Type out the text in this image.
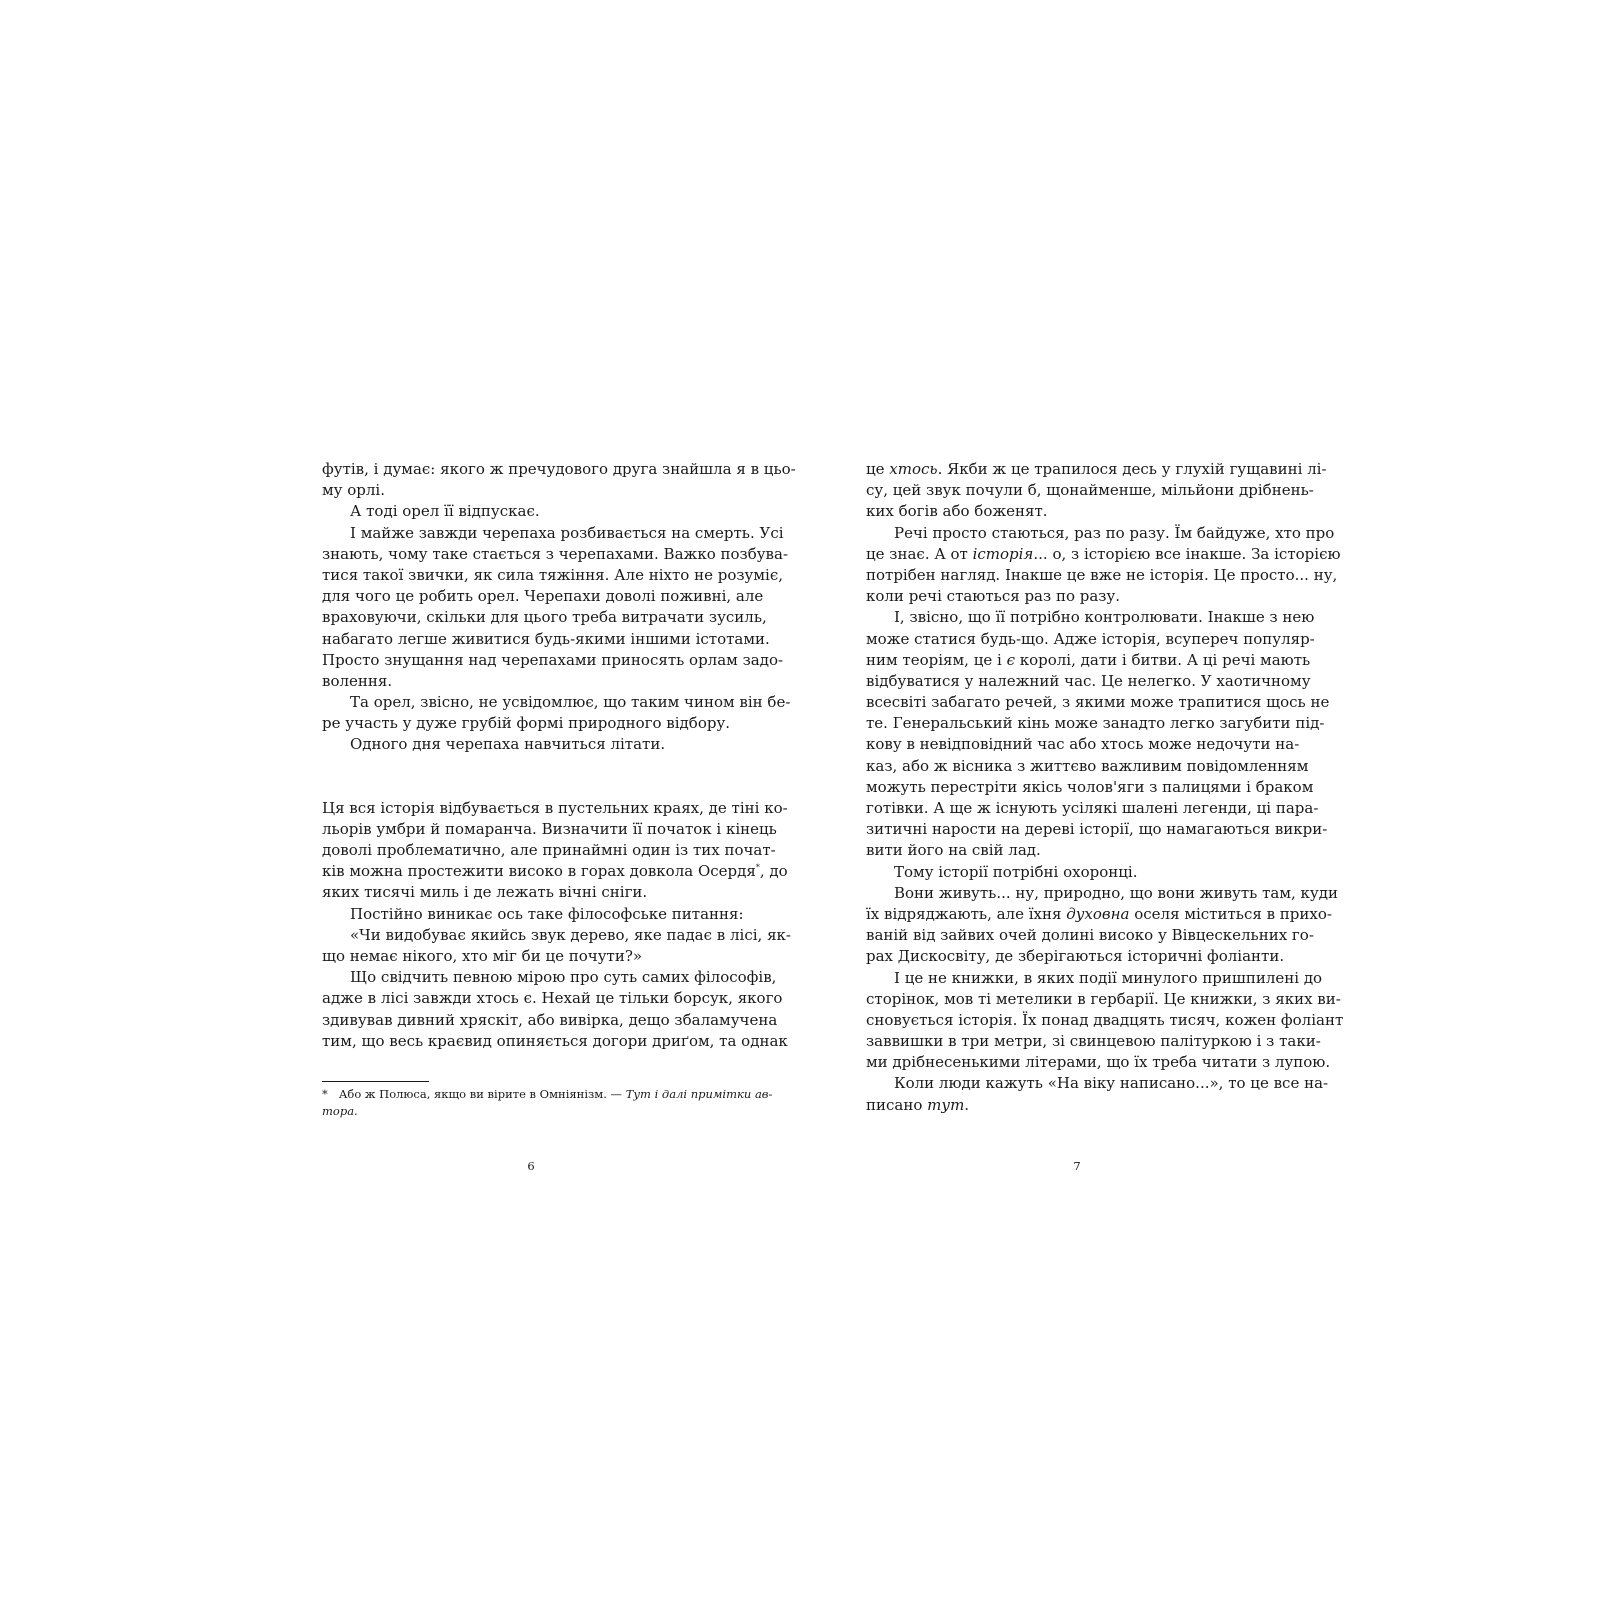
футів, і думає: якого ж пречудового друга знайшла я в цьо-
му орлі.
А тоді орел її відпускає.
І майже завжди черепаха розбивається на смерть. Усі
знають, чому таке стається з черепахами. Важко позбува-
тися такої звички, як сила тяжіння. Але ніхто не розуміє,
для чого це робить орел. Черепахи доволі поживні, але
враховуючи, скільки для цього треба витрачати зусиль,
набагато легше живитися будь-якими іншими істотами.
Просто знущання над черепахами приносять орлам задо-
волення.
Та орел, звісно, не усвідомлює, що таким чином він бе-
ре участь у дуже грубій формі природного відбору.
Одного дня черепаха навчиться літати.
Ця вся історія відбувається в пустельних краях, де тіні ко-
льорів умбри й помаранча. Визначити її початок і кінець
доволі проблематично, але принаймні один із тих почат-
ків можна простежити високо в горах довкола Осердя*, до
яких тисячі миль і де лежать вічні сніги.
Постійно виникає ось таке філософське питання:
«Чи видобуває якийсь звук дерево, яке падає в лісі, як-
що немає нікого, хто міг би це почути?»
Що свідчить певною мірою про суть самих філософів,
адже в лісі завжди хтось є. Нехай це тільки борсук, якого
здивував дивний хряскіт, або вивірка, дещо збаламучена
тим, що весь краєвид опиняється догори дриґом, та однак
* Або ж Полюса, якщо ви вірите в Омніянізм. — Тут і далі примітки ав-
тора.
6
це хтось. Якби ж це трапилося десь у глухій гущавині лі-
су, цей звук почули б, щонайменше, мільйони дрібнень-
ких богів або боженят.
Речі просто стаються, раз по разу. Їм байдуже, хто про
це знає. А от історія... о, з історією все інакше. За історією
потрібен нагляд. Інакше це вже не історія. Це просто... ну,
коли речі стаються раз по разу.
І, звісно, що її потрібно контролювати. Інакше з нею
може статися будь-що. Адже історія, всупереч популяр-
ним теоріям, це і є королі, дати і битви. А ці речі мають
відбуватися у належний час. Це нелегко. У хаотичному
всесвіті забагато речей, з якими може трапитися щось не
те. Генеральський кінь може занадто легко загубити під-
кову в невідповідний час або хтось може недочути на-
каз, або ж вісника з життєво важливим повідомленням
можуть перестріти якісь чолов'яги з палицями і браком
готівки. А ще ж існують усілякі шалені легенди, ці пара-
зитичні наpости на дереві історії, що намагаються викри-
вити його на свій лад.
Тому історії потрібні охоронці.
Вони живуть... ну, природно, що вони живуть там, куди
їх відряджають, але їхня духовна оселя міститься в прихо-
ваній від зайвих очей долині високо у Вівцескельних го-
рах Дискосвіту, де зберігаються історичні фоліанти.
І це не книжки, в яких події минулого пришпилені до
сторінок, мов ті метелики в гербарії. Це книжки, з яких ви-
сновується історія. Їх понад двадцять тисяч, кожен фоліант
заввишки в три метри, зі свинцевою палітуркою і з таки-
ми дрібнесенькими літерами, що їх треба читати з лупою.
Коли люди кажуть «На віку написано...», то це все на-
писано тут.
7
